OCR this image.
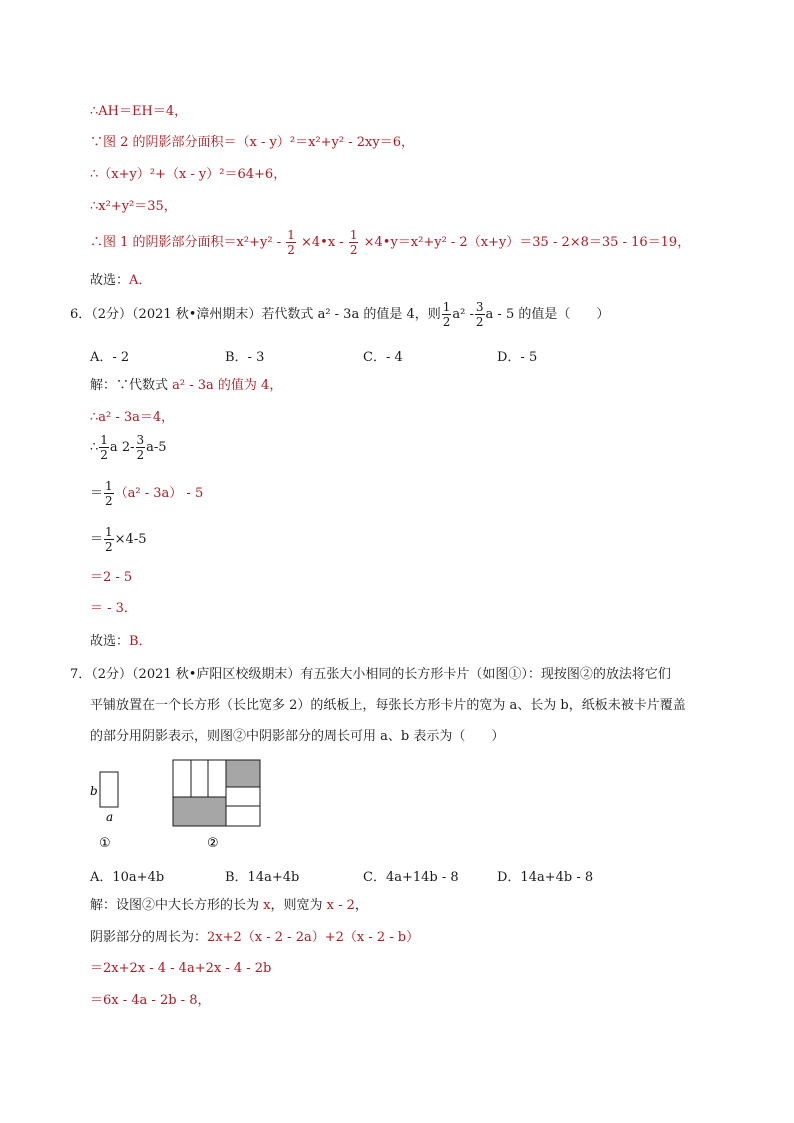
∴AH＝EH＝4，
∵图 2 的阴影部分面积＝（x - y）²＝x²+y² - 2xy＝6，
∴（x+y）²+（x - y）²＝64+6，
∴x²+y²＝35，
∴图 1 的阴影部分面积$=x^2+y^2 - \frac{1}{2}$ ×4•x - $\frac{1}{2}$ ×4•y＝x²+y² - 2（x+y）＝35 - 2×8＝35 - 16＝19，
故选：A．
6．（2分）（2021 秋•漳州期末）若代数式 a² - 3a 的值是 4，则 $\frac{1}{2} a^2 - \frac{3}{2}$ a - 5 的值是（　　）
A．- 2	B．- 3	C．- 4	D．- 5
解：∵代数式 a² - 3a 的值为 4，
∴a² - 3a＝4，
∴ $\frac{1}{2}$ a $2- \frac{3}{2} a-5$
＝ $\frac{1}{2} (a^2 - 3a) - 5$
＝ $\frac{1}{2} \times 4-5$
＝2 - 5
＝ - 3．
故选：B．
7．（2分）（2021 秋•庐阳区校级期末）有五张大小相同的长方形卡片（如图①）：现按图②的放法将它们
平铺放置在一个长方形（长比宽多 2）的纸板上，每张长方形卡片的宽为 a、长为 b，纸板未被卡片覆盖
的部分用阴影表示，则图②中阴影部分的周长可用 a、b 表示为（　　）
b
a
①	②
A．10a+4b	B．14a+4b	C．4a+14b - 8	D．14a+4b - 8
解：设图②中大长方形的长为 x，则宽为 x - 2，
阴影部分的周长为：2x+2（x - 2 - 2a）+2（x - 2 - b）
＝2x+2x - 4 - 4a+2x - 4 - 2b
＝6x - 4a - 2b - 8，
